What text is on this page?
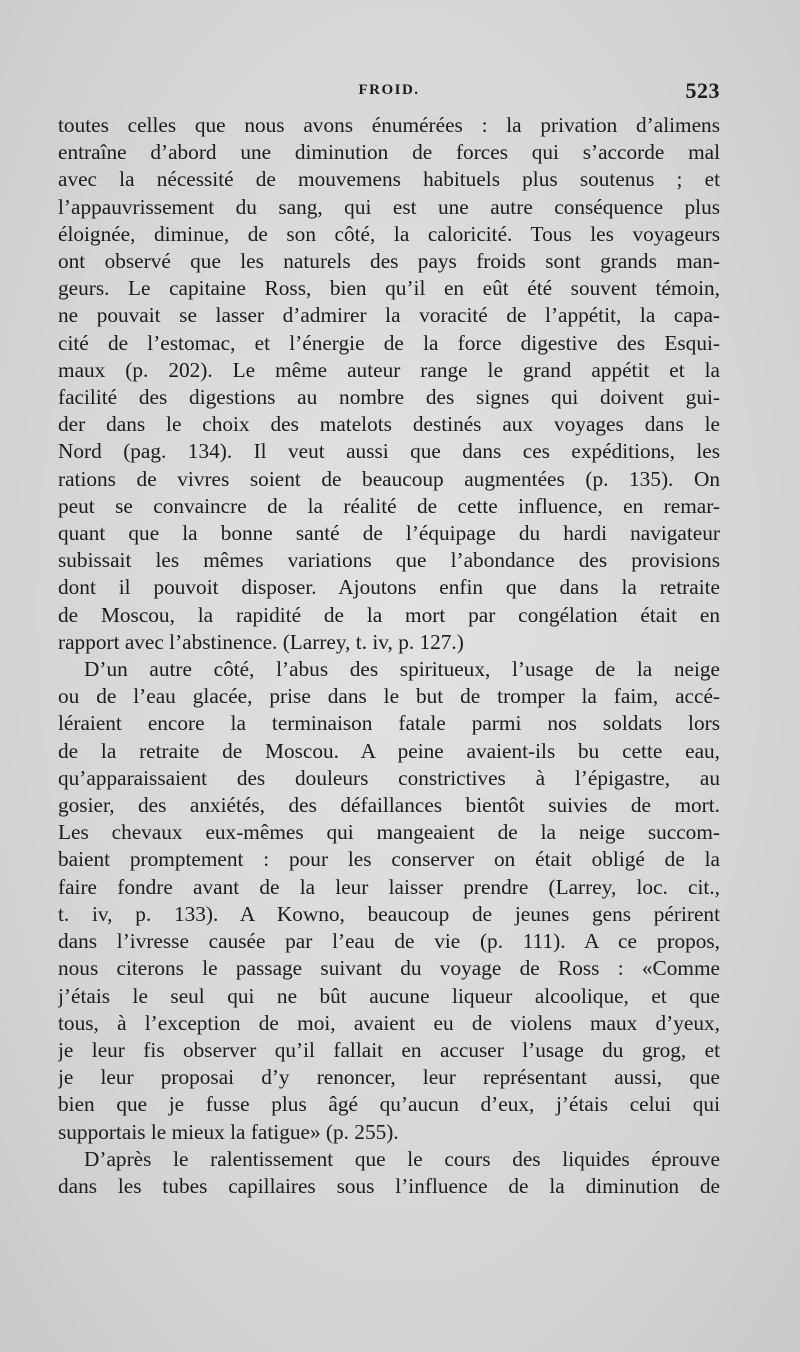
FROID.	523
toutes celles que nous avons énumérées : la privation d’alimens
entraîne d’abord une diminution de forces qui s’accorde mal
avec la nécessité de mouvemens habituels plus soutenus ; et
l’appauvrissement du sang, qui est une autre conséquence plus
éloignée, diminue, de son côté, la caloricité. Tous les voyageurs
ont observé que les naturels des pays froids sont grands man-
geurs. Le capitaine Ross, bien qu’il en eût été souvent témoin,
ne pouvait se lasser d’admirer la voracité de l’appétit, la capa-
cité de l’estomac, et l’énergie de la force digestive des Esqui-
maux (p. 202). Le même auteur range le grand appétit et la
facilité des digestions au nombre des signes qui doivent gui-
der dans le choix des matelots destinés aux voyages dans le
Nord (pag. 134). Il veut aussi que dans ces expéditions, les
rations de vivres soient de beaucoup augmentées (p. 135). On
peut se convaincre de la réalité de cette influence, en remar-
quant que la bonne santé de l’équipage du hardi navigateur
subissait les mêmes variations que l’abondance des provisions
dont il pouvoit disposer. Ajoutons enfin que dans la retraite
de Moscou, la rapidité de la mort par congélation était en
rapport avec l’abstinence. (Larrey, t. iv, p. 127.)
D’un autre côté, l’abus des spiritueux, l’usage de la neige
ou de l’eau glacée, prise dans le but de tromper la faim, accé-
léraient encore la terminaison fatale parmi nos soldats lors
de la retraite de Moscou. A peine avaient-ils bu cette eau,
qu’apparaissaient des douleurs constrictives à l’épigastre, au
gosier, des anxiétés, des défaillances bientôt suivies de mort.
Les chevaux eux-mêmes qui mangeaient de la neige succom-
baient promptement : pour les conserver on était obligé de la
faire fondre avant de la leur laisser prendre (Larrey, loc. cit.,
t. iv, p. 133). A Kowno, beaucoup de jeunes gens périrent
dans l’ivresse causée par l’eau de vie (p. 111). A ce propos,
nous citerons le passage suivant du voyage de Ross : «Comme
j’étais le seul qui ne bût aucune liqueur alcoolique, et que
tous, à l’exception de moi, avaient eu de violens maux d’yeux,
je leur fis observer qu’il fallait en accuser l’usage du grog, et
je leur proposai d’y renoncer, leur représentant aussi, que
bien que je fusse plus âgé qu’aucun d’eux, j’étais celui qui
supportais le mieux la fatigue» (p. 255).
D’après le ralentissement que le cours des liquides éprouve
dans les tubes capillaires sous l’influence de la diminution de
